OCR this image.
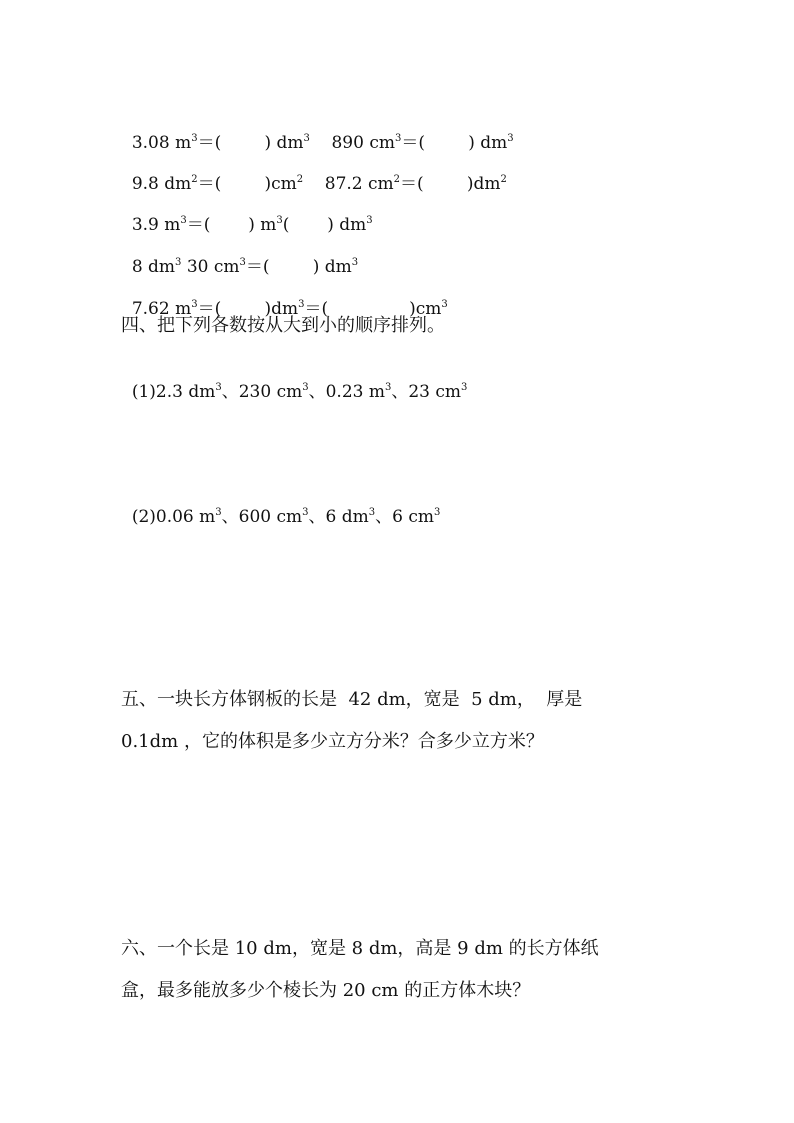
3.08 $m^3=$(        ) $dm^3$    890 $cm^3=$(        ) $dm^3$

9.8 $dm^2=$(        )$cm^2$    87.2 $cm^2=$(        )$dm^2$

3.9 $m^3=$(       ) $m^3$(       ) $dm^3$

8 $dm^3$ 30 $cm^3=$(        ) $dm^3$

7.62 $m^3=$(        )$dm^3=$(               )$cm^3$

四、把下列各数按从大到小的顺序排列。

(1)2.3 $dm^3$、230 $cm^3$、0.23 $m^3$、23 $cm^3$

(2)0.06 $m^3$、600 $cm^3$、6 $dm^3$、6 $cm^3$

五、一块长方体钢板的长是  42 dm，宽是  5 dm，  厚是
0.1dm ，它的体积是多少立方分米？合多少立方米？
六、一个长是 10 dm，宽是 8 dm，高是 9 dm 的长方体纸
盒，最多能放多少个棱长为 20 cm 的正方体木块？
